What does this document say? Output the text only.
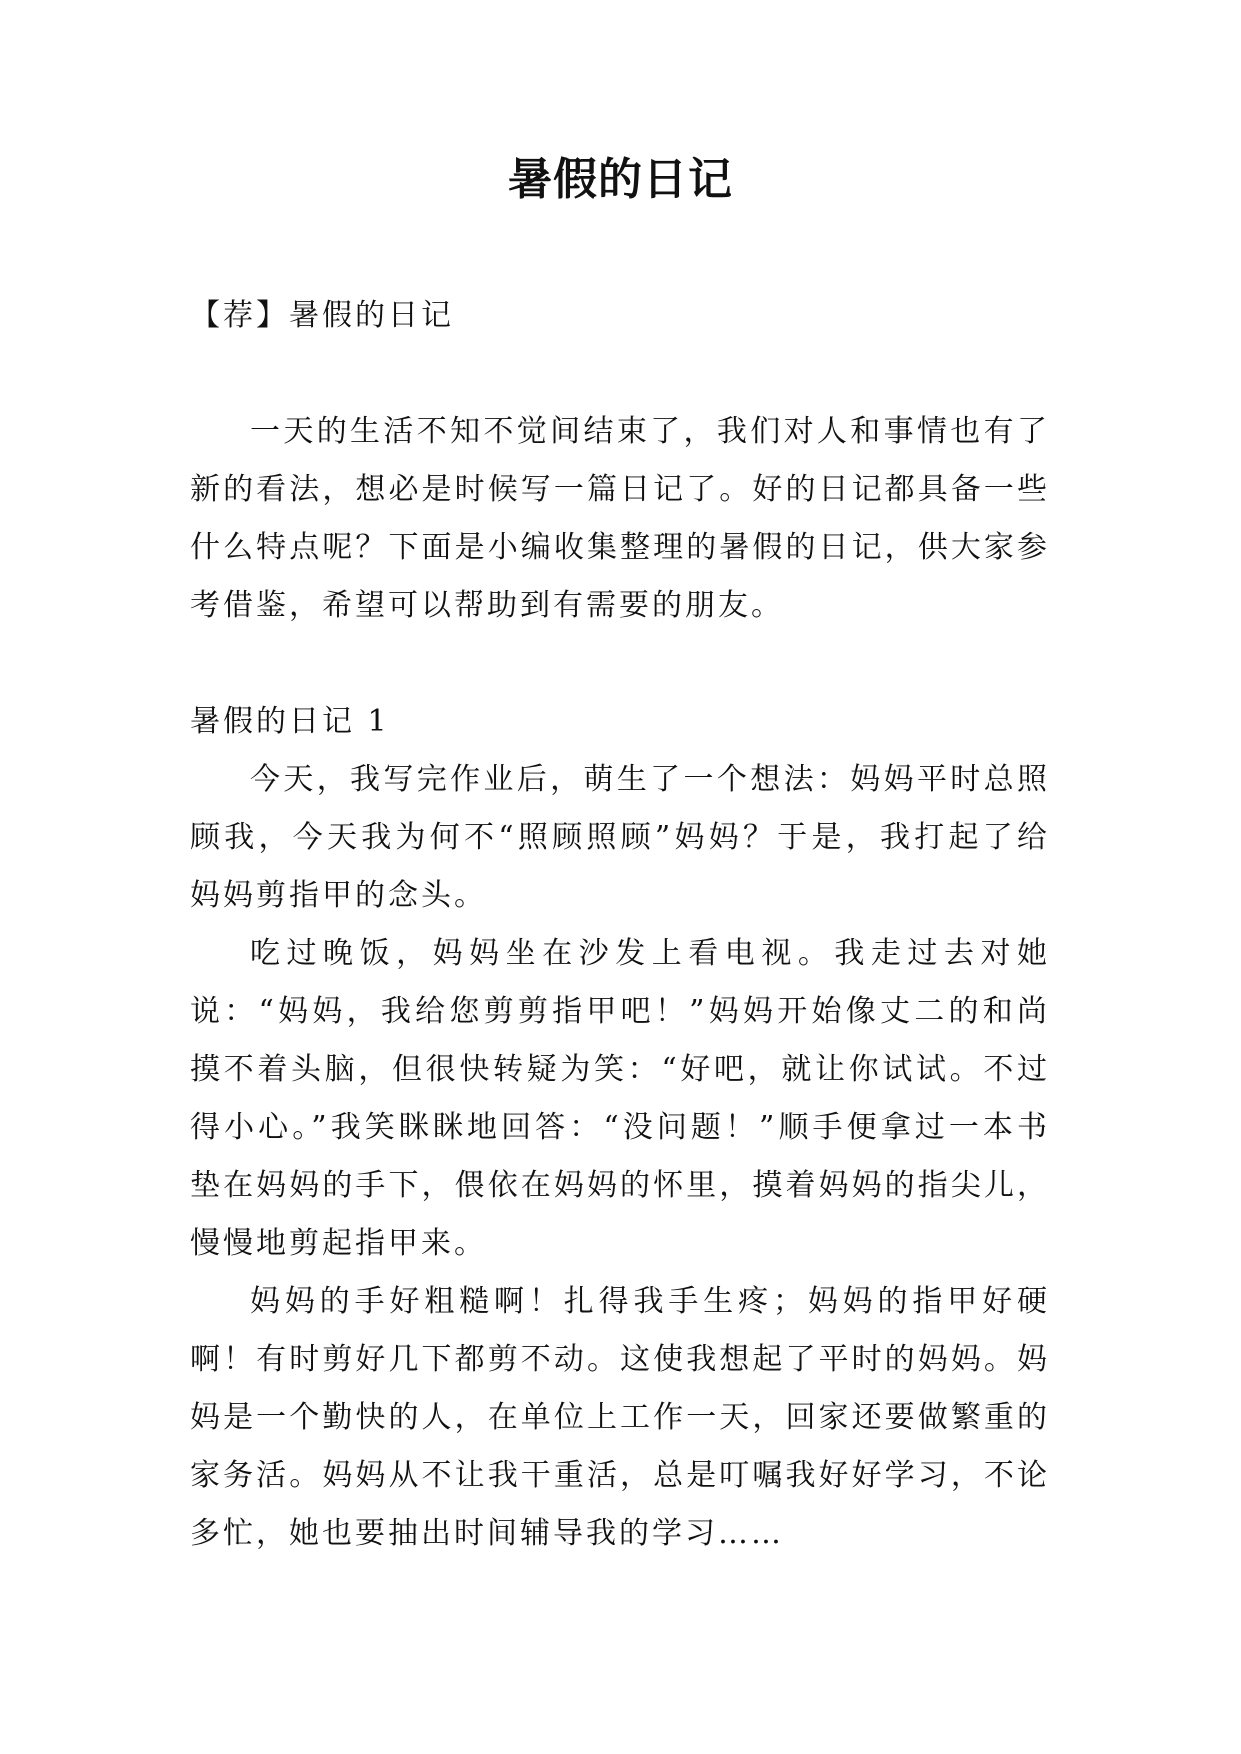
暑假的日记

【荐】暑假的日记

一天的生活不知不觉间结束了，我们对人和事情也有了新的看法，想必是时候写一篇日记了。好的日记都具备一些什么特点呢？下面是小编收集整理的暑假的日记，供大家参考借鉴，希望可以帮助到有需要的朋友。

暑假的日记 1

今天，我写完作业后，萌生了一个想法：妈妈平时总照顾我，今天我为何不“照顾照顾”妈妈？于是，我打起了给妈妈剪指甲的念头。

吃过晚饭，妈妈坐在沙发上看电视。我走过去对她说：“妈妈，我给您剪剪指甲吧！”妈妈开始像丈二的和尚摸不着头脑，但很快转疑为笑：“好吧，就让你试试。不过得小心。”我笑眯眯地回答：“没问题！”顺手便拿过一本书垫在妈妈的手下，偎依在妈妈的怀里，摸着妈妈的指尖儿，慢慢地剪起指甲来。

妈妈的手好粗糙啊！扎得我手生疼；妈妈的指甲好硬啊！有时剪好几下都剪不动。这使我想起了平时的妈妈。妈妈是一个勤快的人，在单位上工作一天，回家还要做繁重的家务活。妈妈从不让我干重活，总是叮嘱我好好学习，不论多忙，她也要抽出时间辅导我的学习……
